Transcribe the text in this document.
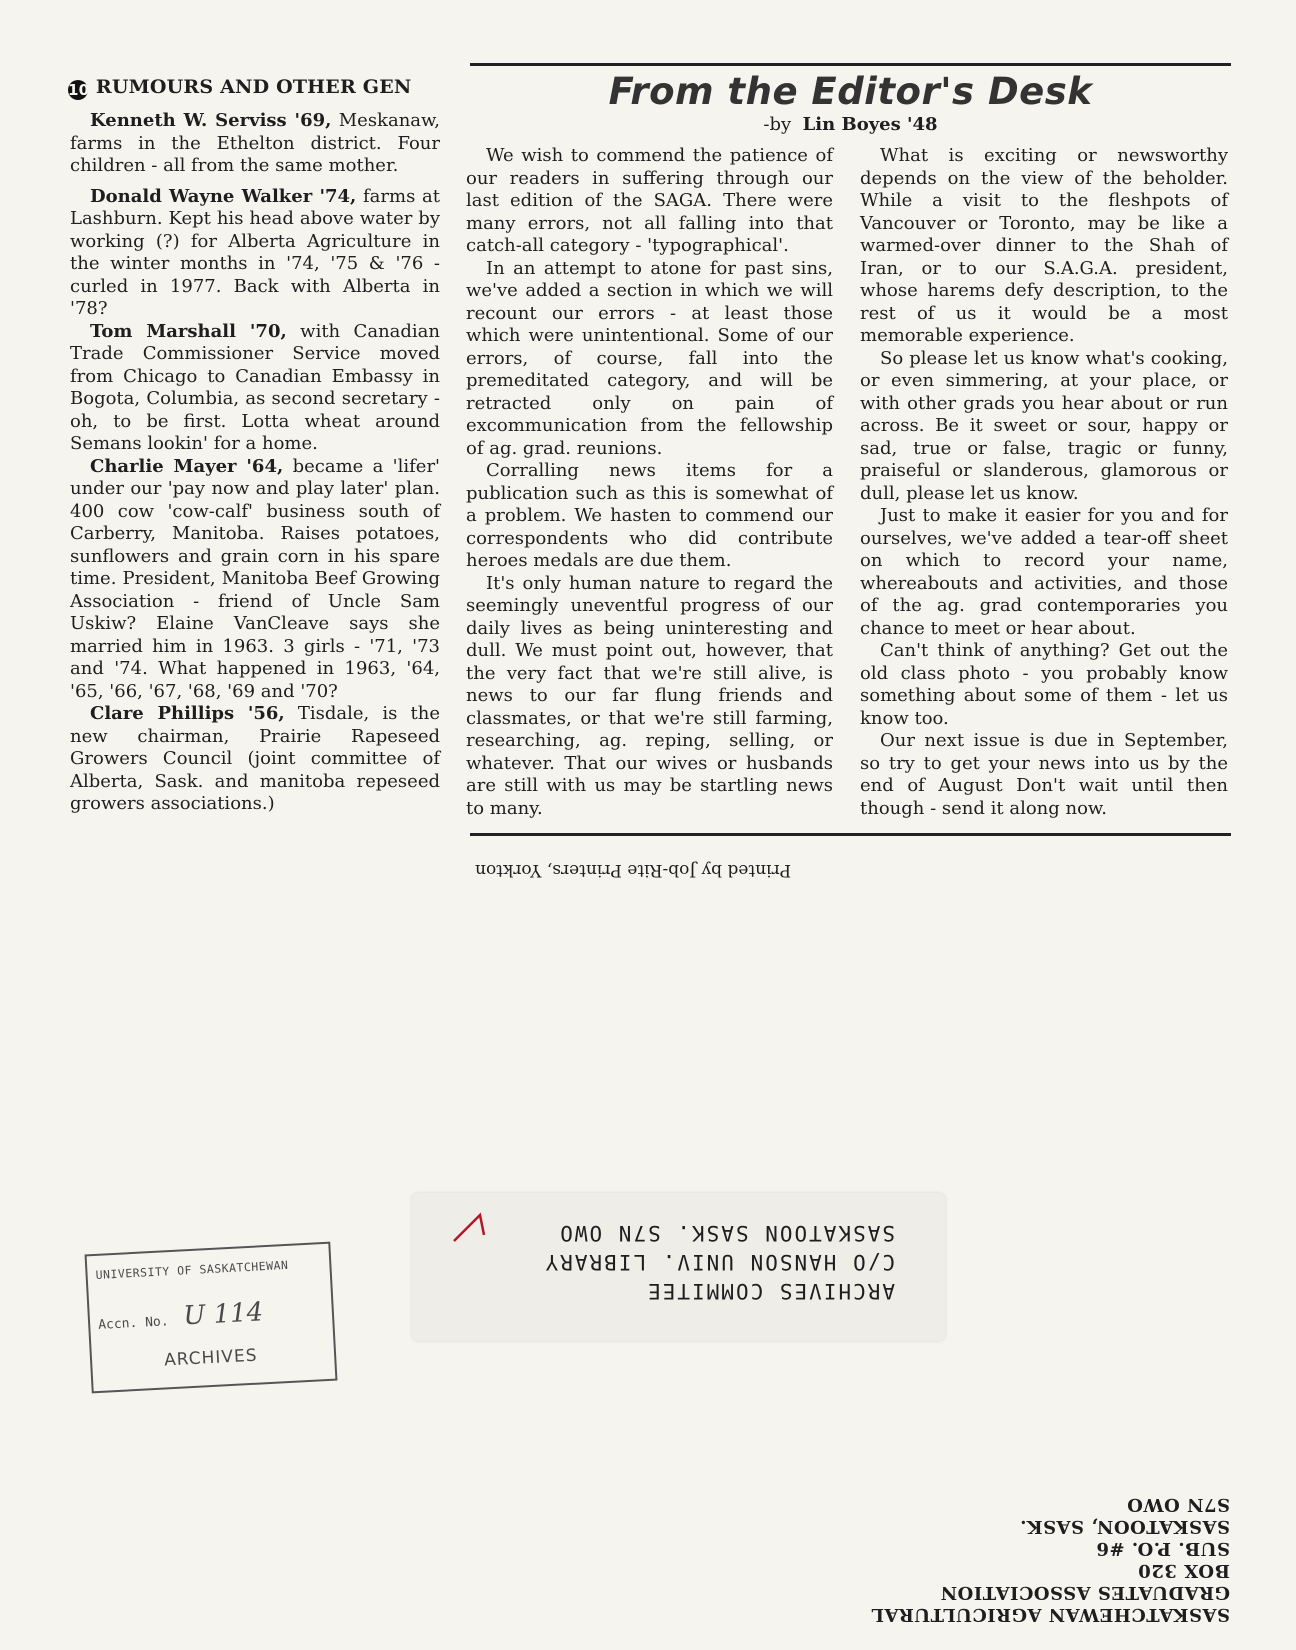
10 RUMOURS AND OTHER GEN

Kenneth W. Serviss '69, Meskanaw, farms in the Ethelton district. Four children - all from the same mother.

Donald Wayne Walker '74, farms at Lashburn. Kept his head above water by working (?) for Alberta Agriculture in the winter months in '74, '75 & '76 - curled in 1977. Back with Alberta in '78?

Tom Marshall '70, with Canadian Trade Commissioner Service moved from Chicago to Canadian Embassy in Bogota, Columbia, as second secretary - oh, to be first. Lotta wheat around Semans lookin' for a home.

Charlie Mayer '64, became a 'lifer' under our 'pay now and play later' plan. 400 cow 'cow-calf' business south of Carberry, Manitoba. Raises potatoes, sunflowers and grain corn in his spare time. President, Manitoba Beef Growing Association - friend of Uncle Sam Uskiw? Elaine VanCleave says she married him in 1963. 3 girls - '71, '73 and '74. What happened in 1963, '64, '65, '66, '67, '68, '69 and '70?

Clare Phillips '56, Tisdale, is the new chairman, Prairie Rapeseed Growers Council (joint committee of Alberta, Sask. and manitoba repeseed growers associations.)

From the Editor's Desk
-by Lin Boyes '48

We wish to commend the patience of our readers in suffering through our last edition of the SAGA. There were many errors, not all falling into that catch-all category - 'typographical'.

In an attempt to atone for past sins, we've added a section in which we will recount our errors - at least those which were unintentional. Some of our errors, of course, fall into the premeditated category, and will be retracted only on pain of excommunication from the fellowship of ag. grad. reunions.

Corralling news items for a publication such as this is somewhat of a problem. We hasten to commend our correspondents who did contribute heroes medals are due them.

It's only human nature to regard the seemingly uneventful progress of our daily lives as being uninteresting and dull. We must point out, however, that the very fact that we're still alive, is news to our far flung friends and classmates, or that we're still farming, researching, ag. reping, selling, or whatever. That our wives or husbands are still with us may be startling news to many.

What is exciting or newsworthy depends on the view of the beholder. While a visit to the fleshpots of Vancouver or Toronto, may be like a warmed-over dinner to the Shah of Iran, or to our S.A.G.A. president, whose harems defy description, to the rest of us it would be a most memorable experience.

So please let us know what's cooking, or even simmering, at your place, or with other grads you hear about or run across. Be it sweet or sour, happy or sad, true or false, tragic or funny, praiseful or slanderous, glamorous or dull, please let us know.

Just to make it easier for you and for ourselves, we've added a tear-off sheet on which to record your name, whereabouts and activities, and those of the ag. grad contemporaries you chance to meet or hear about.

Can't think of anything? Get out the old class photo - you probably know something about some of them - let us know too.

Our next issue is due in September, so try to get your news into us by the end of August Don't wait until then though - send it along now.

Printed by Job-Rite Printers, Yorkton
ARCHIVES COMMITEE
C/O HANSON UNIV. LIBRARY
SASKATOON SASK. S7N OWO
UNIVERSITY OF SASKATCHEWAN
Accn. No. U 114
ARCHIVES
SASKATCHEWAN AGRICULTURAL
GRADUATES ASSOCIATION
BOX 320
SUB. P.O. #6
SASKATOON, SASK.
S7N OWO
